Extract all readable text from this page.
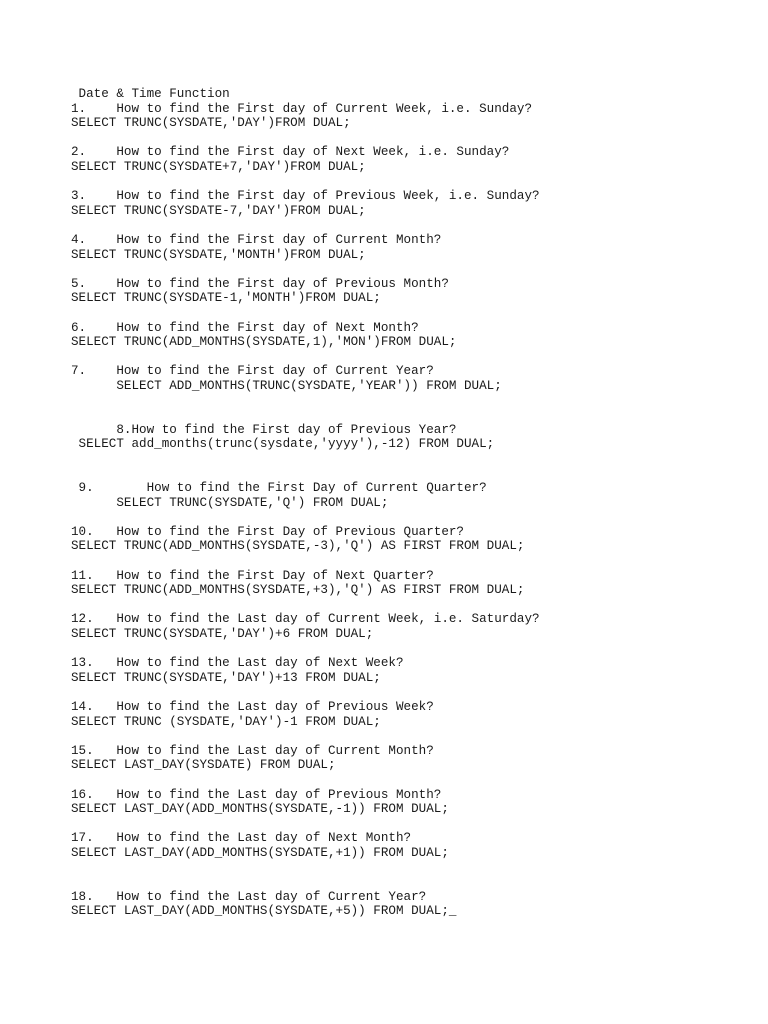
Date & Time Function
1.    How to find the First day of Current Week, i.e. Sunday?
SELECT TRUNC(SYSDATE,'DAY')FROM DUAL;
2.    How to find the First day of Next Week, i.e. Sunday?
SELECT TRUNC(SYSDATE+7,'DAY')FROM DUAL;
3.    How to find the First day of Previous Week, i.e. Sunday?
SELECT TRUNC(SYSDATE-7,'DAY')FROM DUAL;
4.    How to find the First day of Current Month?
SELECT TRUNC(SYSDATE,'MONTH')FROM DUAL;
5.    How to find the First day of Previous Month?
SELECT TRUNC(SYSDATE-1,'MONTH')FROM DUAL;
6.    How to find the First day of Next Month?
SELECT TRUNC(ADD_MONTHS(SYSDATE,1),'MON')FROM DUAL;
7.    How to find the First day of Current Year?
SELECT ADD_MONTHS(TRUNC(SYSDATE,'YEAR')) FROM DUAL;
8.How to find the First day of Previous Year?
SELECT add_months(trunc(sysdate,'yyyy'),-12) FROM DUAL;
9.       How to find the First Day of Current Quarter?
SELECT TRUNC(SYSDATE,'Q') FROM DUAL;
10.   How to find the First Day of Previous Quarter?
SELECT TRUNC(ADD_MONTHS(SYSDATE,-3),'Q') AS FIRST FROM DUAL;
11.   How to find the First Day of Next Quarter?
SELECT TRUNC(ADD_MONTHS(SYSDATE,+3),'Q') AS FIRST FROM DUAL;
12.   How to find the Last day of Current Week, i.e. Saturday?
SELECT TRUNC(SYSDATE,'DAY')+6 FROM DUAL;
13.   How to find the Last day of Next Week?
SELECT TRUNC(SYSDATE,'DAY')+13 FROM DUAL;
14.   How to find the Last day of Previous Week?
SELECT TRUNC (SYSDATE,'DAY')-1 FROM DUAL;
15.   How to find the Last day of Current Month?
SELECT LAST_DAY(SYSDATE) FROM DUAL;
16.   How to find the Last day of Previous Month?
SELECT LAST_DAY(ADD_MONTHS(SYSDATE,-1)) FROM DUAL;
17.   How to find the Last day of Next Month?
SELECT LAST_DAY(ADD_MONTHS(SYSDATE,+1)) FROM DUAL;
18.   How to find the Last day of Current Year?
SELECT LAST_DAY(ADD_MONTHS(SYSDATE,+5)) FROM DUAL;_
